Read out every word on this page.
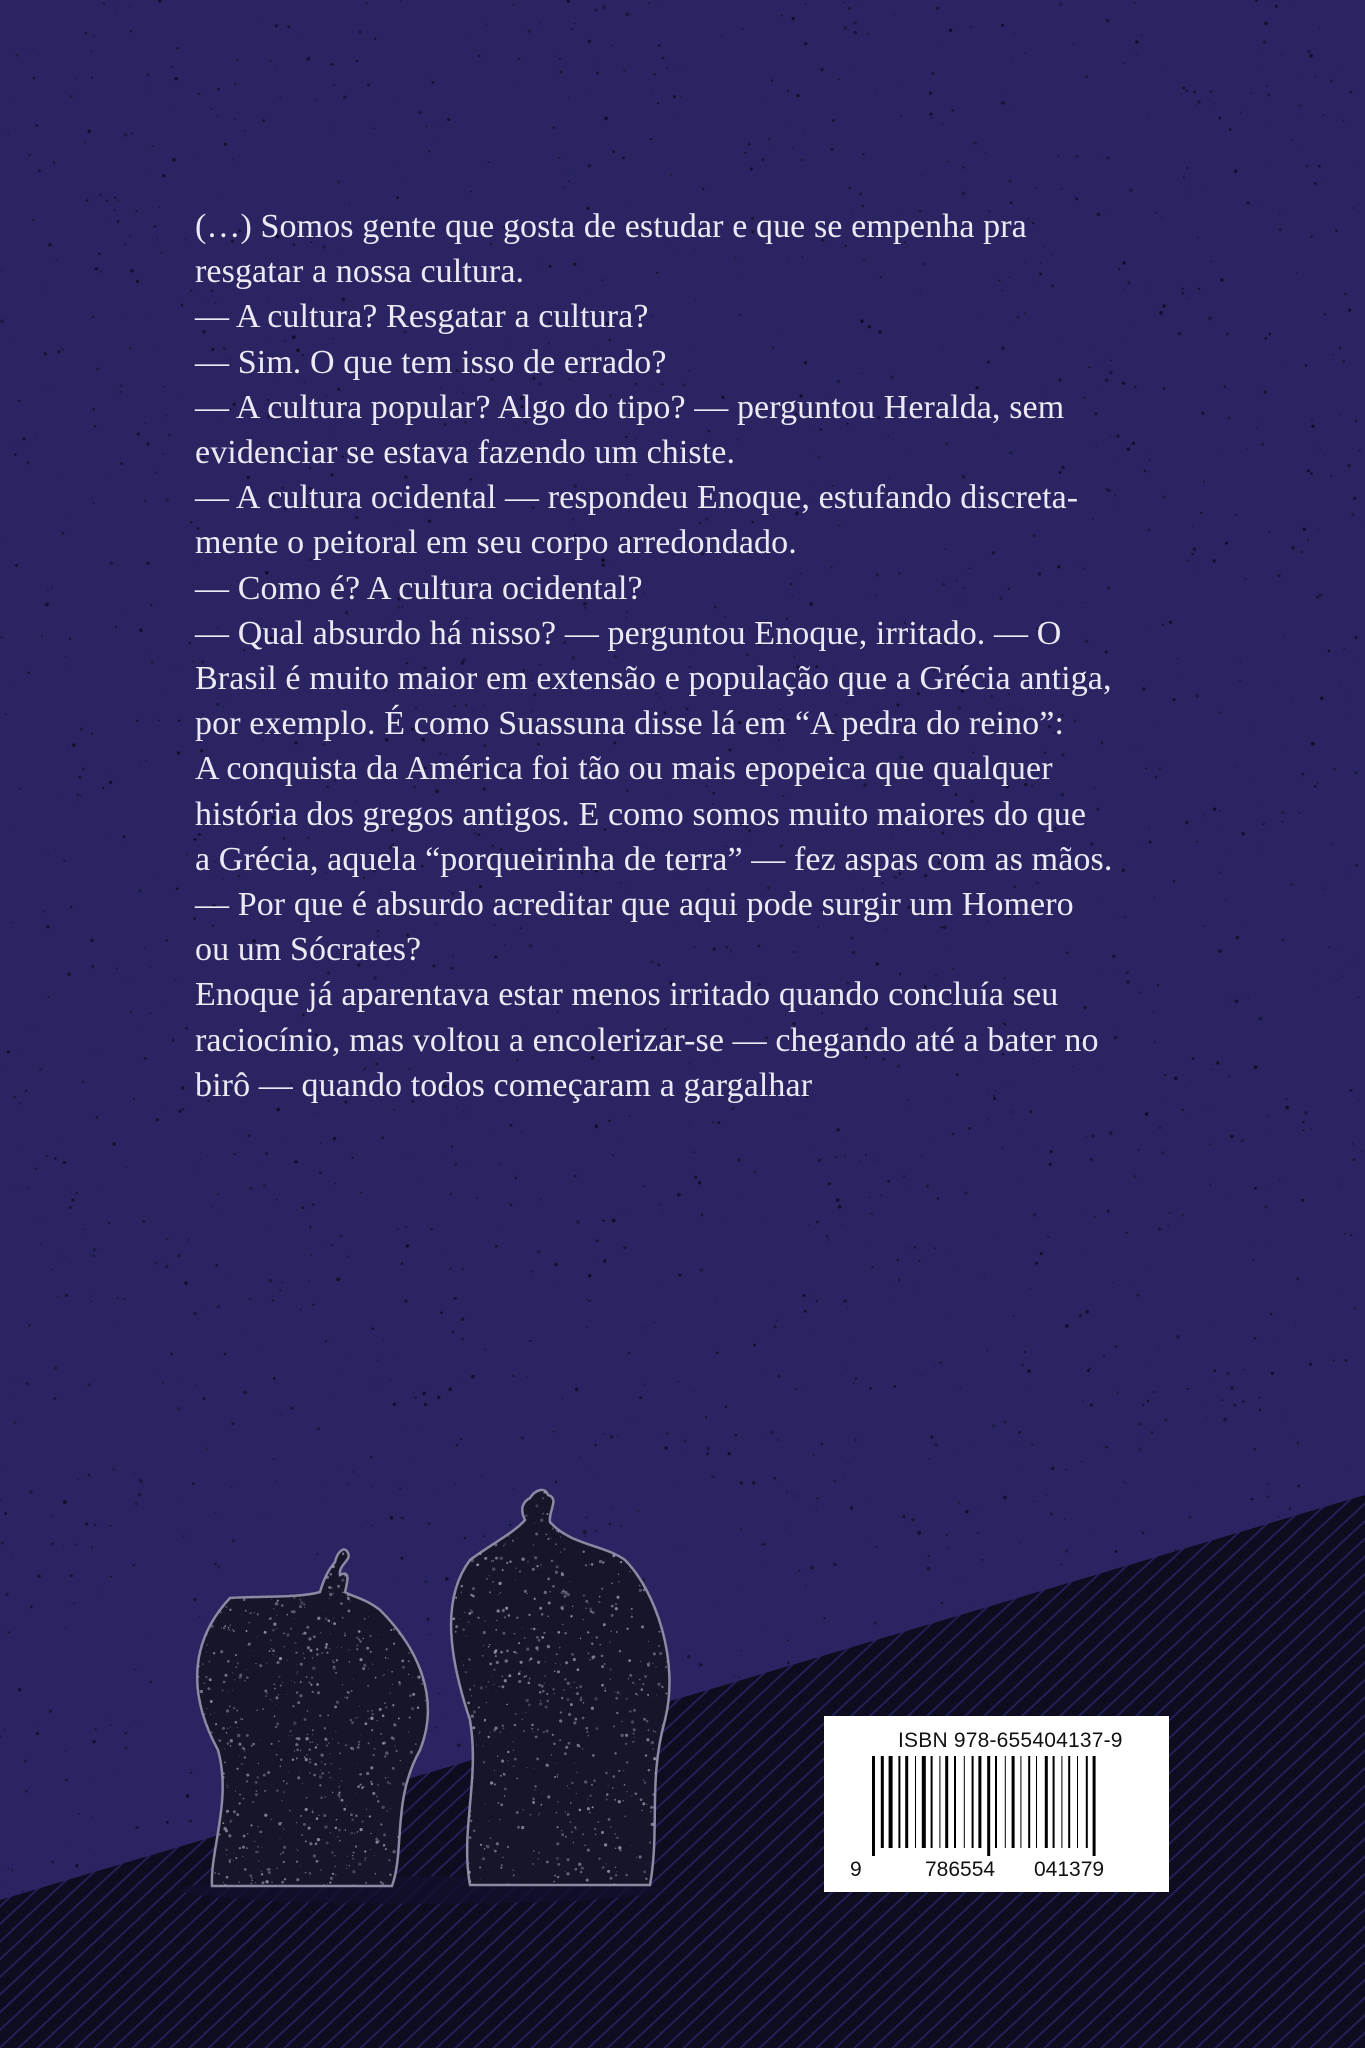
(…) Somos gente que gosta de estudar e que se empenha pra
resgatar a nossa cultura.
— A cultura? Resgatar a cultura?
— Sim. O que tem isso de errado?
— A cultura popular? Algo do tipo? — perguntou Heralda, sem
evidenciar se estava fazendo um chiste.
— A cultura ocidental — respondeu Enoque, estufando discreta-
mente o peitoral em seu corpo arredondado.
— Como é? A cultura ocidental?
— Qual absurdo há nisso? — perguntou Enoque, irritado. — O
Brasil é muito maior em extensão e população que a Grécia antiga,
por exemplo. É como Suassuna disse lá em “A pedra do reino”:
A conquista da América foi tão ou mais epopeica que qualquer
história dos gregos antigos. E como somos muito maiores do que
a Grécia, aquela “porqueirinha de terra” — fez aspas com as mãos.
— Por que é absurdo acreditar que aqui pode surgir um Homero
ou um Sócrates?
Enoque já aparentava estar menos irritado quando concluía seu
raciocínio, mas voltou a encolerizar-se — chegando até a bater no
birô — quando todos começaram a gargalhar
ISBN 978-655404137-9
9	786554 041379
